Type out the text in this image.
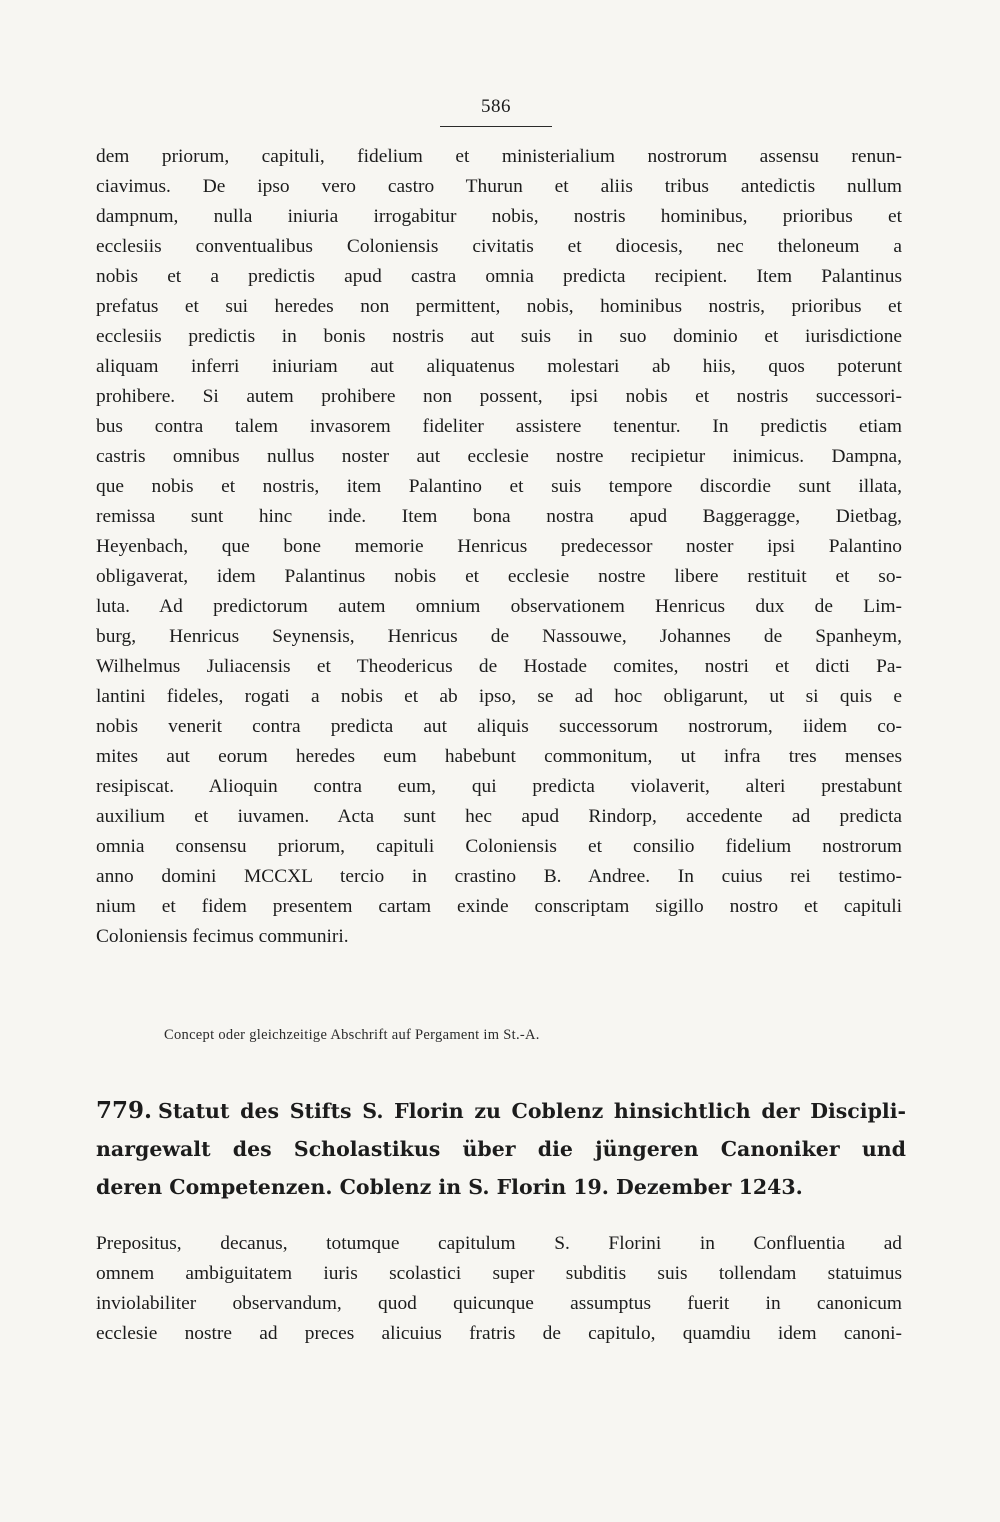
586
dem priorum, capituli, fidelium et ministerialium nostrorum assensu renun-
ciavimus. De ipso vero castro Thurun et aliis tribus antedictis nullum
dampnum, nulla iniuria irrogabitur nobis, nostris hominibus, prioribus et
ecclesiis conventualibus Coloniensis civitatis et diocesis, nec theloneum a
nobis et a predictis apud castra omnia predicta recipient. Item Palantinus
prefatus et sui heredes non permittent, nobis, hominibus nostris, prioribus et
ecclesiis predictis in bonis nostris aut suis in suo dominio et iurisdictione
aliquam inferri iniuriam aut aliquatenus molestari ab hiis, quos poterunt
prohibere. Si autem prohibere non possent, ipsi nobis et nostris successori-
bus contra talem invasorem fideliter assistere tenentur. In predictis etiam
castris omnibus nullus noster aut ecclesie nostre recipietur inimicus. Dampna,
que nobis et nostris, item Palantino et suis tempore discordie sunt illata,
remissa sunt hinc inde. Item bona nostra apud Baggeragge, Dietbag,
Heyenbach, que bone memorie Henricus predecessor noster ipsi Palantino
obligaverat, idem Palantinus nobis et ecclesie nostre libere restituit et so-
luta. Ad predictorum autem omnium observationem Henricus dux de Lim-
burg, Henricus Seynensis, Henricus de Nassouwe, Johannes de Spanheym,
Wilhelmus Juliacensis et Theodericus de Hostade comites, nostri et dicti Pa-
lantini fideles, rogati a nobis et ab ipso, se ad hoc obligarunt, ut si quis e
nobis venerit contra predicta aut aliquis successorum nostrorum, iidem co-
mites aut eorum heredes eum habebunt commonitum, ut infra tres menses
resipiscat. Alioquin contra eum, qui predicta violaverit, alteri prestabunt
auxilium et iuvamen. Acta sunt hec apud Rindorp, accedente ad predicta
omnia consensu priorum, capituli Coloniensis et consilio fidelium nostrorum
anno domini MCCXL tercio in crastino B. Andree. In cuius rei testimo-
nium et fidem presentem cartam exinde conscriptam sigillo nostro et capituli
Coloniensis fecimus communiri.
Concept oder gleichzeitige Abschrift auf Pergament im St.-A.
779. Statut des Stifts S. Florin zu Coblenz hinsichtlich der Discipli-
nargewalt des Scholastikus über die jüngeren Canoniker und
deren Competenzen. Coblenz in S. Florin 19. Dezember 1243.
Prepositus, decanus, totumque capitulum S. Florini in Confluentia ad
omnem ambiguitatem iuris scolastici super subditis suis tollendam statuimus
inviolabiliter observandum, quod quicunque assumptus fuerit in canonicum
ecclesie nostre ad preces alicuius fratris de capitulo, quamdiu idem canoni-
